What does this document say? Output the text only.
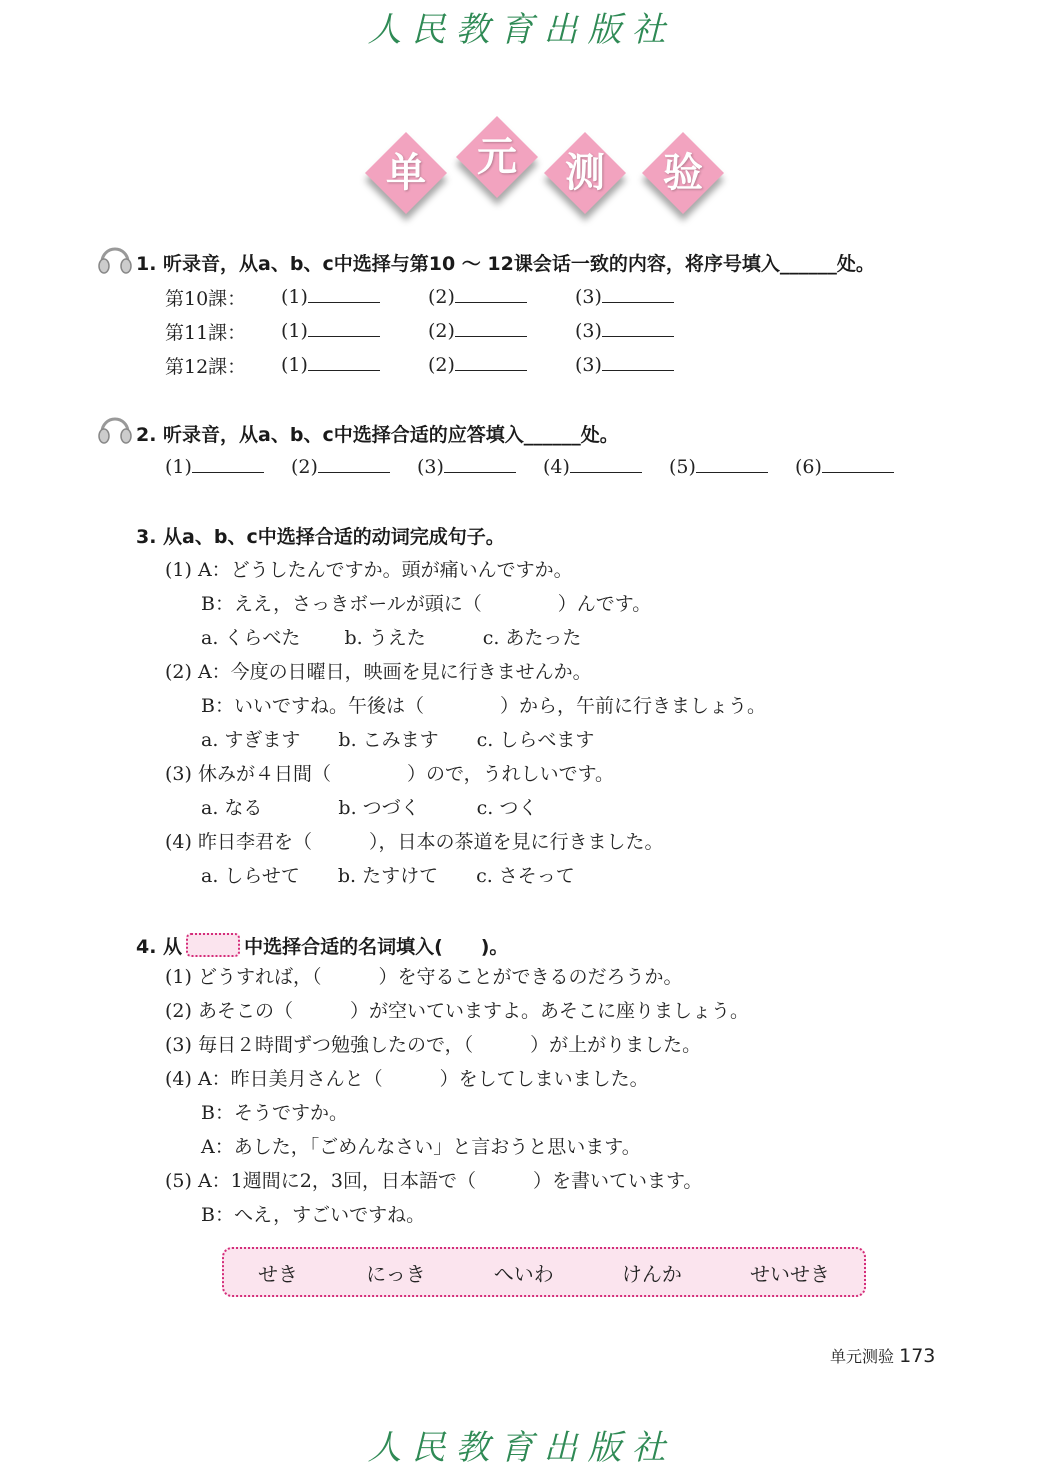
人民教育出版社
单	元	测	验
1. 听录音，从a、b、c中选择与第10 ～ 12课会话一致的内容，将序号填入______处。
第10課： (1)	(2)	(3)
第11課： (1)	(2)	(3)
第12課： (1)	(2)	(3)
2. 听录音，从a、b、c中选择合适的应答填入______处。
(1)	(2)	(3)	(4)	(5)	(6)
3. 从a、b、c中选择合适的动词完成句子。
(1) A：どうしたんですか。頭が痛いんですか。
B：ええ，さっきボールが頭に（　　　　）んです。
a. くらべた　　 b. うえた　　　c. あたった
(2) A：今度の日曜日，映画を見に行きませんか。
B：いいですね。午後は（　　　　）から，午前に行きましょう。
a. すぎます　　b. こみます　　c. しらべます
(3) 休みが４日間（　　　　）ので，うれしいです。
a. なる　　　　b. つづく　　　c. つく
(4) 昨日李君を（　　　），日本の茶道を見に行きました。
a. しらせて　　b. たすけて　　c. さそって
4. 从	中选择合适的名词填入(　　)。
(1) どうすれば，（　　　）を守ることができるのだろうか。
(2) あそこの（　　　）が空いていますよ。あそこに座りましょう。
(3) 毎日２時間ずつ勉強したので，（　　　）が上がりました。
(4) A：昨日美月さんと（　　　）をしてしまいました。
B：そうですか。
A：あした，「ごめんなさい」と言おうと思います。
(5) A：1週間に2，3回，日本語で（　　　）を書いています。
B：へえ，すごいですね。
せき	にっき	へいわ	けんか	せいせき
单元测验 173
人民教育出版社
